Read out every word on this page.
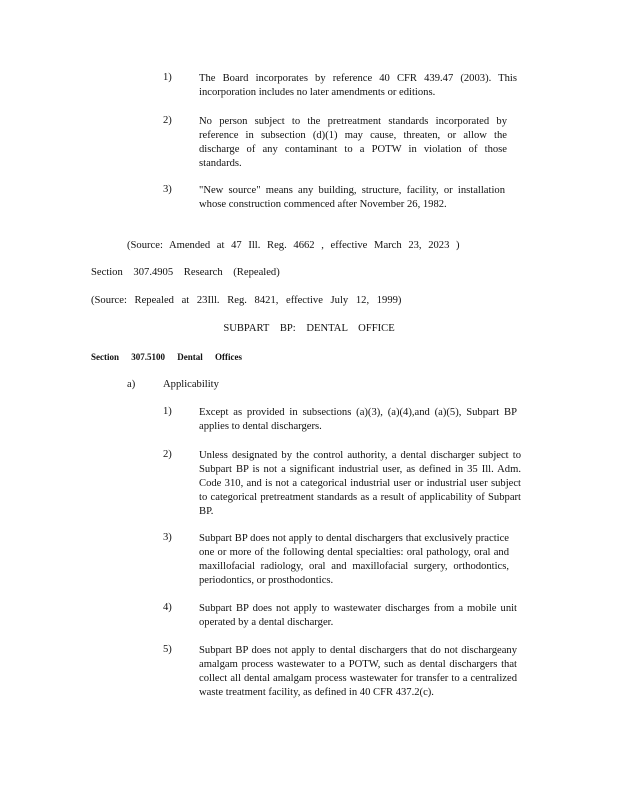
1)	The Board incorporates by reference 40 CFR 439.47 (2003). This incorporation includes no later amendments or editions.
2)	No person subject to the pretreatment standards incorporated by reference in subsection (d)(1) may cause, threaten, or allow the discharge of any contaminant to a POTW in violation of those standards.
3)	"New source" means any building, structure, facility, or installation whose construction commenced after November 26, 1982.
(Source: Amended at 47 Ill. Reg. 4662 , effective March 23, 2023 )
Section 307.4905 Research (Repealed)
(Source: Repealed at 23Ill. Reg. 8421, effective July 12, 1999)
SUBPART BP: DENTAL OFFICE
Section 307.5100 Dental Offices
a)	Applicability
1)	Except as provided in subsections (a)(3), (a)(4),and (a)(5), Subpart BP applies to dental dischargers.
2)	Unless designated by the control authority, a dental discharger subject to Subpart BP is not a significant industrial user, as defined in 35 Ill. Adm. Code 310, and is not a categorical industrial user or industrial user subject to categorical pretreatment standards as a result of applicability of Subpart BP.
3)	Subpart BP does not apply to dental dischargers that exclusively practice one or more of the following dental specialties: oral pathology, oral and maxillofacial radiology, oral and maxillofacial surgery, orthodontics, periodontics, or prosthodontics.
4)	Subpart BP does not apply to wastewater discharges from a mobile unit operated by a dental discharger.
5)	Subpart BP does not apply to dental dischargers that do not dischargeany amalgam process wastewater to a POTW, such as dental dischargers that collect all dental amalgam process wastewater for transfer to a centralized waste treatment facility, as defined in 40 CFR 437.2(c).
